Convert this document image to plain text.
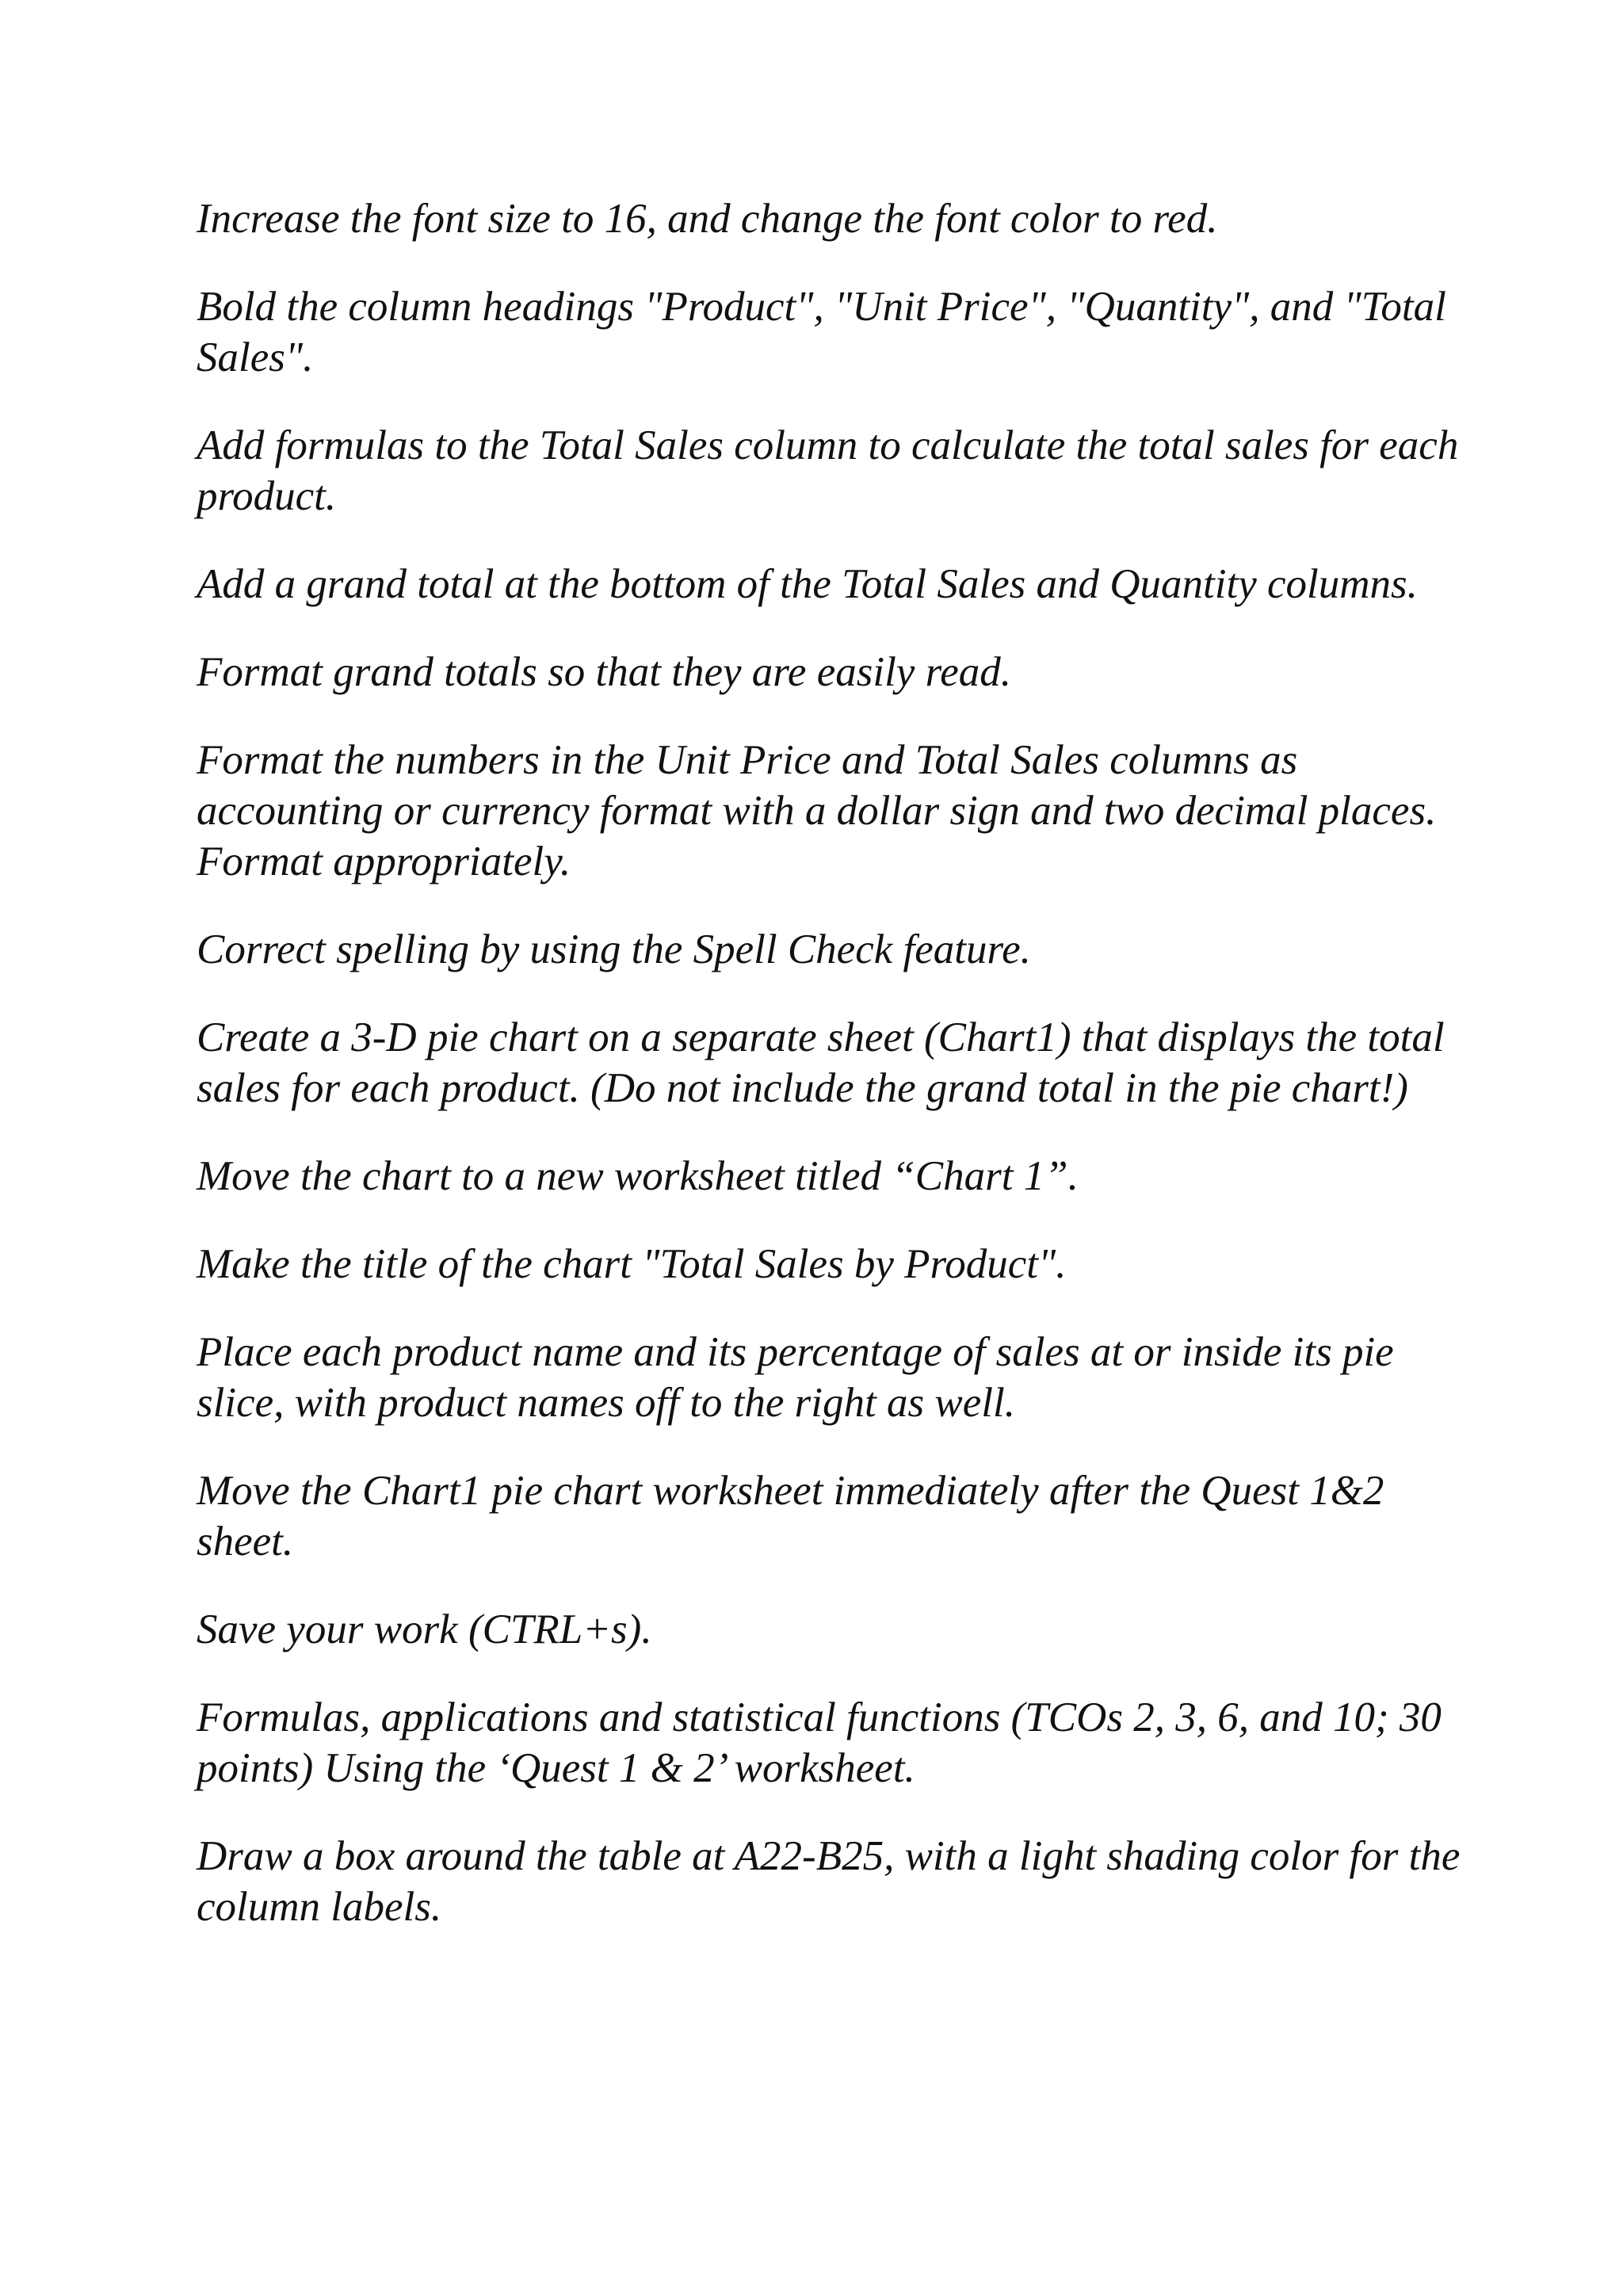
Increase the font size to 16, and change the font color to red.

Bold the column headings "Product", "Unit Price", "Quantity", and "Total Sales".

Add formulas to the Total Sales column to calculate the total sales for each product.

Add a grand total at the bottom of the Total Sales and Quantity columns.

Format grand totals so that they are easily read.

Format the numbers in the Unit Price and Total Sales columns as accounting or currency format with a dollar sign and two decimal places. Format appropriately.

Correct spelling by using the Spell Check feature.

Create a 3-D pie chart on a separate sheet (Chart1) that displays the total sales for each product. (Do not include the grand total in the pie chart!)

Move the chart to a new worksheet titled “Chart 1”.

Make the title of the chart "Total Sales by Product".

Place each product name and its percentage of sales at or inside its pie slice, with product names off to the right as well.

Move the Chart1 pie chart worksheet immediately after the Quest 1&2 sheet.

Save your work (CTRL+s).

Formulas, applications and statistical functions (TCOs 2, 3, 6, and 10; 30 points) Using the ‘Quest 1 & 2’ worksheet.

Draw a box around the table at A22-B25, with a light shading color for the column labels.
